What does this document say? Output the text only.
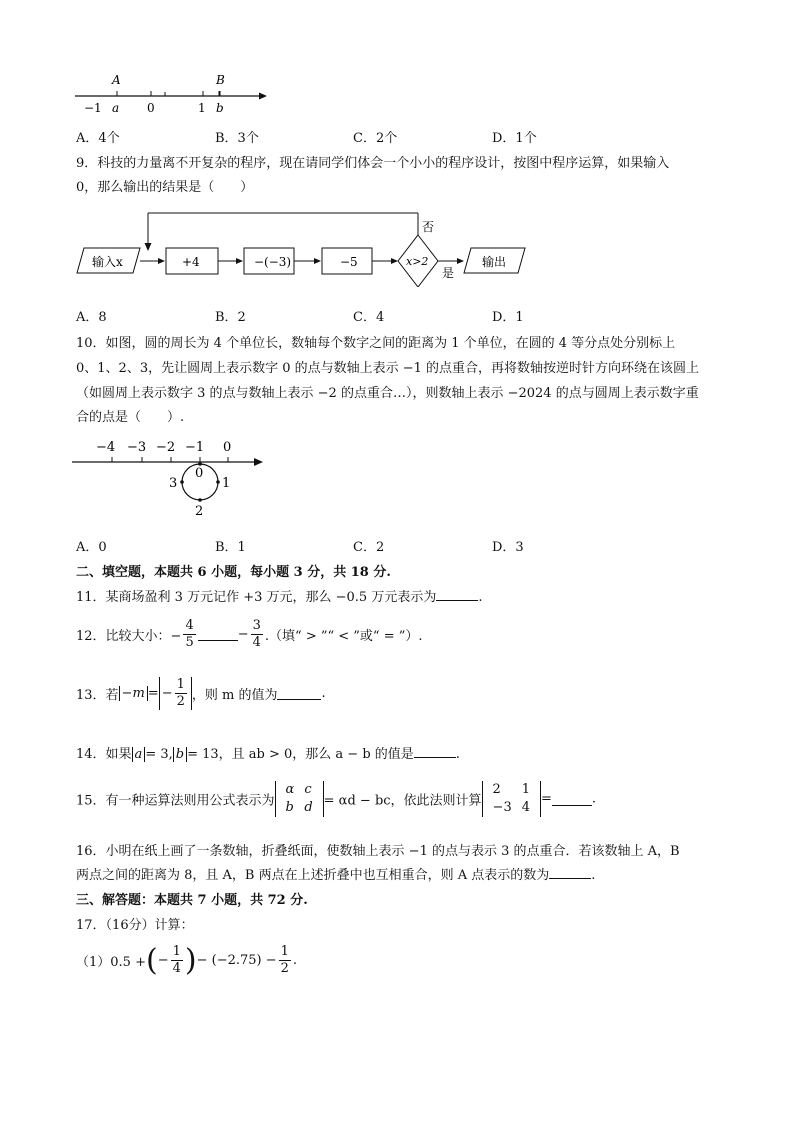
A	B
−1 a 0	1 b
A．4个	B．3个	C．2个	D．1个
9．科技的力量离不开复杂的程序，现在请同学们体会一个小小的程序设计，按图中程序运算，如果输入
0，那么输出的结果是（　　）
输入x	+4	−(−3)	−5	x>2
否
是
输出
A．8	B．2	C．4	D．1
10．如图，圆的周长为 4 个单位长，数轴每个数字之间的距离为 1 个单位，在圆的 4 等分点处分别标上
0、1、2、3，先让圆周上表示数字 0 的点与数轴上表示 −1 的点重合，再将数轴按逆时针方向环绕在该圆上
（如圆周上表示数字 3 的点与数轴上表示 −2 的点重合…），则数轴上表示 −2024 的点与圆周上表示数字重
合的点是（　　）.
−4 −3 −2 −1 0
0
1
2
3
A．0	B．1	C．2	D．3
二、填空题，本题共 6 小题，每小题 3 分，共 18 分.
11．某商场盈利 3 万元记作 +3 万元，那么 −0.5 万元表示为	.
12．比较大小：− $\frac{4}{5}$	− $\frac{3}{4}$ .（填“ > ”“ < ”或“ = ”）.
13．若 −m = − $\frac{1}{2}$ ，则 m 的值为	.
14．如果 a = 3, b = 13，且 ab > 0，那么 a − b 的值是	.
15．有一种运算法则用公式表示为
α	c
b	d = αd − bc，依此法则计算
2	1
−3	4
=	.
16．小明在纸上画了一条数轴，折叠纸面，使数轴上表示 −1 的点与表示 3 的点重合．若该数轴上 A，B
两点之间的距离为 8，且 A，B 两点在上述折叠中也互相重合，则 A 点表示的数为	.
三、解答题：本题共 7 小题，共 72 分.
17．（16分）计算：
（1）0.5 +(− $\frac{1}{4}$ )− $(-2.75) - \frac{1}{2}$ .
